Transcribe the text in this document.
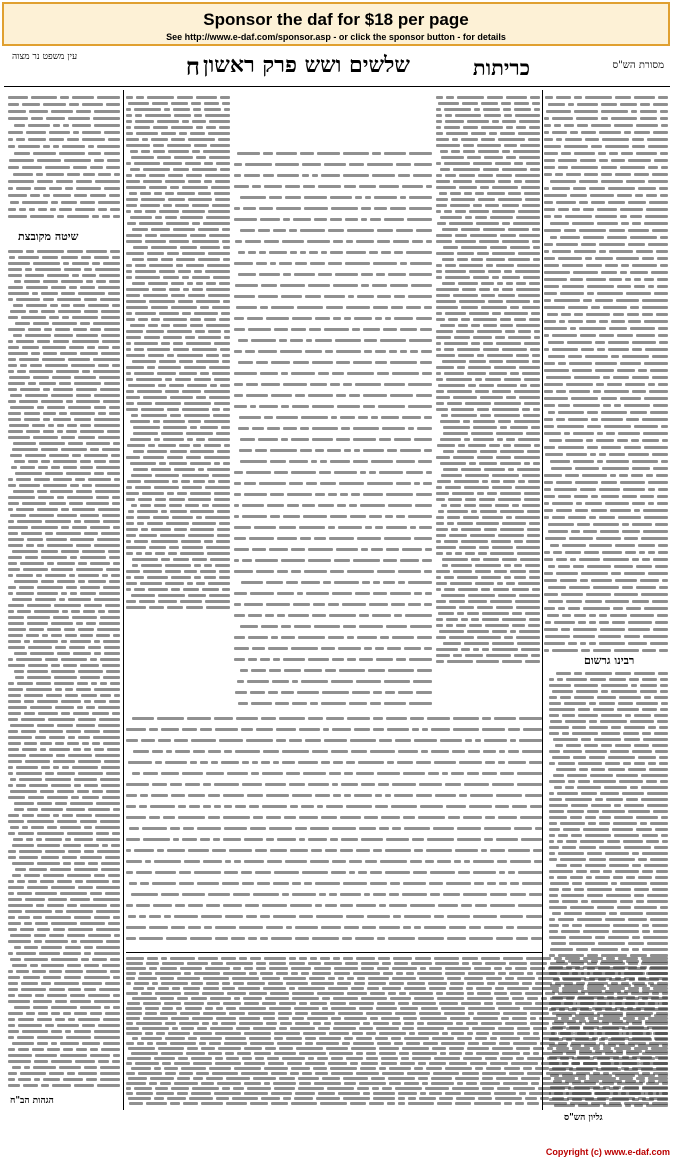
Sponsor the daf for $18 per page
See http://www.e-daf.com/sponsor.asp - or click the sponsor button - for details
מסורת הש"ס
כריתות
שלשים ושש פרק ראשון
ח
עין משפט נר מצוה
רבינו גרשום
שיטה מקובצת
הגהות הב"ח
גליון הש"ס
Copyright (c) www.e-daf.com
